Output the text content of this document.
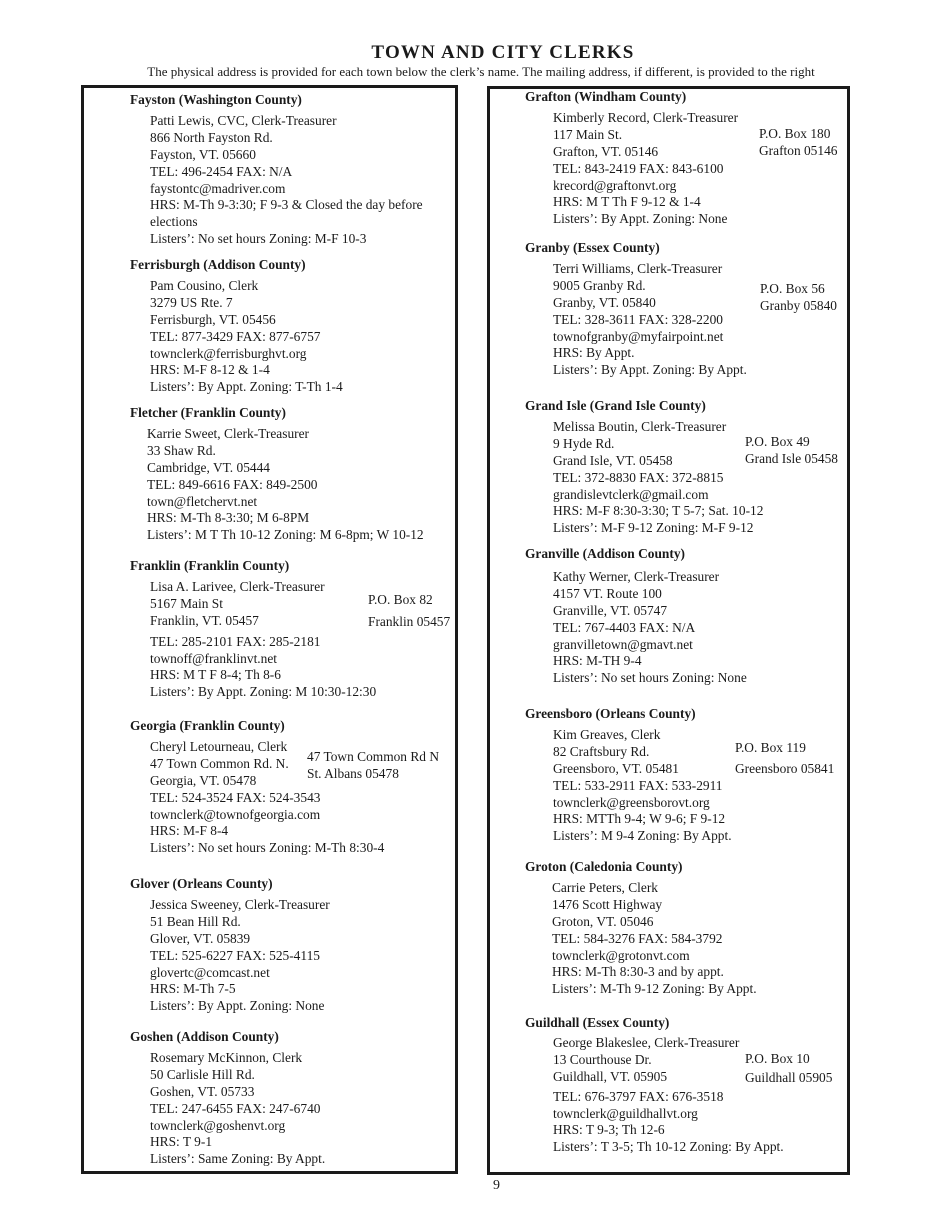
TOWN AND CITY CLERKS
The physical address is provided for each town below the clerk’s name. The mailing address, if different, is provided to the right
Fayston (Washington County)
Patti Lewis, CVC, Clerk-Treasurer
866 North Fayston Rd.
Fayston, VT. 05660
TEL: 496-2454 FAX: N/A
faystontc@madriver.com
HRS: M-Th 9-3:30; F 9-3 & Closed the day before elections
Listers’: No set hours Zoning: M-F 10-3
Ferrisburgh (Addison County)
Pam Cousino, Clerk
3279 US Rte. 7
Ferrisburgh, VT. 05456
TEL: 877-3429 FAX: 877-6757
townclerk@ferrisburghvt.org
HRS: M-F 8-12 & 1-4
Listers’: By Appt. Zoning: T-Th 1-4
Fletcher (Franklin County)
Karrie Sweet, Clerk-Treasurer
33 Shaw Rd.
Cambridge, VT. 05444
TEL: 849-6616 FAX: 849-2500
town@fletchervt.net
HRS: M-Th 8-3:30; M 6-8PM
Listers’: M T Th 10-12 Zoning: M 6-8pm; W 10-12
Franklin (Franklin County)
Lisa A. Larivee, Clerk-Treasurer
5167 Main St
Franklin, VT. 05457
TEL: 285-2101 FAX: 285-2181
townoff@franklinvt.net
HRS: M T F 8-4; Th 8-6
Listers’: By Appt. Zoning: M 10:30-12:30
P.O. Box 82
Franklin 05457
Georgia (Franklin County)
Cheryl Letourneau, Clerk
47 Town Common Rd. N.
Georgia, VT. 05478
TEL: 524-3524 FAX: 524-3543
townclerk@townofgeorgia.com
HRS: M-F 8-4
Listers’: No set hours Zoning: M-Th 8:30-4
47 Town Common Rd N
St. Albans 05478
Glover (Orleans County)
Jessica Sweeney, Clerk-Treasurer
51 Bean Hill Rd.
Glover, VT. 05839
TEL: 525-6227 FAX: 525-4115
glovertc@comcast.net
HRS: M-Th 7-5
Listers’: By Appt. Zoning: None
Goshen (Addison County)
Rosemary McKinnon, Clerk
50 Carlisle Hill Rd.
Goshen, VT. 05733
TEL: 247-6455 FAX: 247-6740
townclerk@goshenvt.org
HRS: T 9-1
Listers’: Same Zoning: By Appt.
Grafton (Windham County)
Kimberly Record, Clerk-Treasurer
117 Main St.
Grafton, VT. 05146
TEL: 843-2419 FAX: 843-6100
krecord@graftonvt.org
HRS: M T Th F 9-12 & 1-4
Listers’: By Appt. Zoning: None
P.O. Box 180
Grafton 05146
Granby (Essex County)
Terri Williams, Clerk-Treasurer
9005 Granby Rd.
Granby, VT. 05840
TEL: 328-3611 FAX: 328-2200
townofgranby@myfairpoint.net
HRS: By Appt.
Listers’: By Appt. Zoning: By Appt.
P.O. Box 56
Granby 05840
Grand Isle (Grand Isle County)
Melissa Boutin, Clerk-Treasurer
9 Hyde Rd.
Grand Isle, VT. 05458
TEL: 372-8830 FAX: 372-8815
grandislevtclerk@gmail.com
HRS: M-F 8:30-3:30; T 5-7; Sat. 10-12
Listers’: M-F 9-12 Zoning: M-F 9-12
P.O. Box 49
Grand Isle 05458
Granville (Addison County)
Kathy Werner, Clerk-Treasurer
4157 VT. Route 100
Granville, VT. 05747
TEL: 767-4403 FAX: N/A
granvilletown@gmavt.net
HRS: M-TH 9-4
Listers’: No set hours Zoning: None
Greensboro (Orleans County)
Kim Greaves, Clerk
82 Craftsbury Rd.
Greensboro, VT. 05481
TEL: 533-2911 FAX: 533-2911
townclerk@greensborovt.org
HRS: MTTh 9-4; W 9-6; F 9-12
Listers’: M 9-4 Zoning: By Appt.
P.O. Box 119
Greensboro 05841
Groton (Caledonia County)
Carrie Peters, Clerk
1476 Scott Highway
Groton, VT. 05046
TEL: 584-3276 FAX: 584-3792
townclerk@grotonvt.com
HRS: M-Th 8:30-3 and by appt.
Listers’: M-Th 9-12 Zoning: By Appt.
Guildhall (Essex County)
George Blakeslee, Clerk-Treasurer
13 Courthouse Dr.
Guildhall, VT. 05905
TEL: 676-3797 FAX: 676-3518
townclerk@guildhallvt.org
HRS: T 9-3; Th 12-6
Listers’: T 3-5; Th 10-12 Zoning: By Appt.
P.O. Box 10
Guildhall 05905
9
